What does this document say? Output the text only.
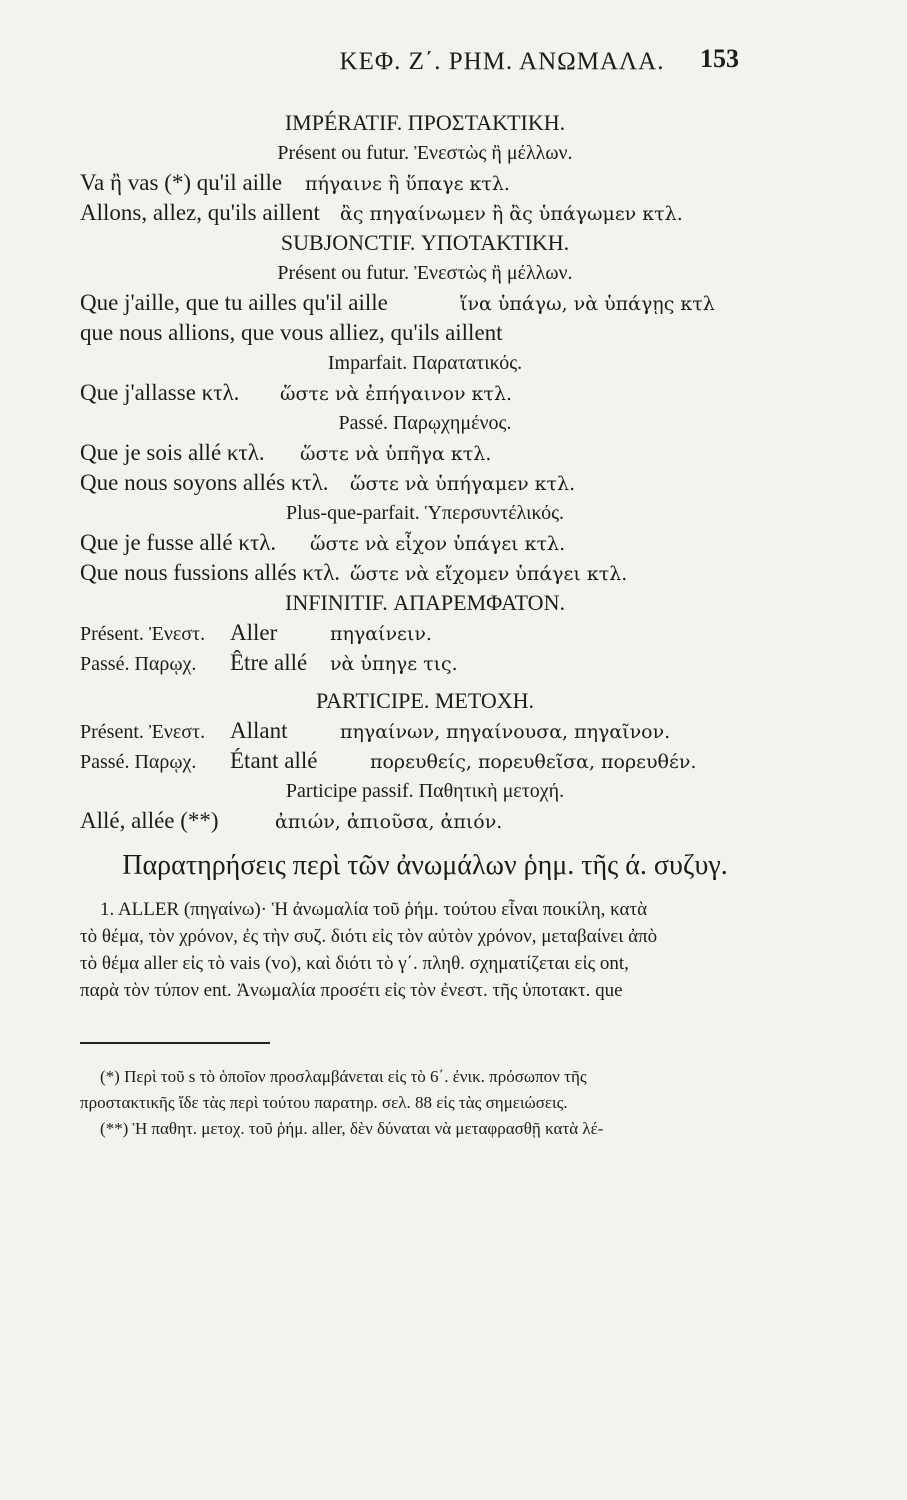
ΚΕΦ. Ζ΄. ΡΗΜ. ΑΝΩΜΑΛΑ.	153
IMPÉRATIF. ΠΡΟΣΤΑΚΤΙΚΗ.
Présent ou futur. Ἐνεστὼς ἢ μέλλων.
Va ἢ vas (*) qu'il aille πήγαινε ἢ ὕπαγε κτλ.
Allons, allez, qu'ils aillent ἂς πηγαίνωμεν ἢ ἂς ὑπάγωμεν κτλ.
SUBJONCTIF. ΥΠΟΤΑΚΤΙΚΗ.
Présent ou futur. Ἐνεστὼς ἢ μέλλων.
Que j'aille, que tu ailles qu'il aille	ἵνα ὑπάγω, νὰ ὑπάγῃς κτλ
que nous allions, que vous alliez, qu'ils aillent
Imparfait. Παρατατικός.
Que j'allasse κτλ. ὥστε νὰ ἐπήγαινον κτλ.
Passé. Παρῳχημένος.
Que je sois allé κτλ. ὥστε νὰ ὑπῆγα κτλ.
Que nous soyons allés κτλ. ὥστε νὰ ὑπήγαμεν κτλ.
Plus-que-parfait. Ὑπερσυντέλικός.
Que je fusse allé κτλ. ὥστε νὰ εἶχον ὑπάγει κτλ.
Que nous fussions allés κτλ. ὥστε νὰ εἴχομεν ὑπάγει κτλ.
INFINITIF. ΑΠΑΡΕΜΦΑΤΟΝ.
Présent. Ἐνεστ. Aller	πηγαίνειν.
Passé. Παρῳχ. Être allé νὰ ὑπηγε τις.
PARTICIPE. ΜΕΤΟΧΗ.
Présent. Ἐνεστ. Allant	πηγαίνων, πηγαίνουσα, πηγαῖνον.
Passé. Παρῳχ. Étant allé	πορευθείς, πορευθεῖσα, πορευθέν.
Participe passif. Παθητικὴ μετοχή.
Allé, allée (**)	ἀπιών, ἀπιοῦσα, ἀπιόν.
Παρατηρήσεις περὶ τῶν ἀνωμάλων ῥημ. τῆς ά. συζυγ.
1. ALLER (πηγαίνω)· Ἡ ἀνωμαλία τοῦ ῥήμ. τούτου εἶναι ποικίλη, κατὰ
τὸ θέμα, τὸν χρόνον, ἐς τὴν συζ. διότι εἰς τὸν αὐτὸν χρόνον, μεταβαίνει ἀπὸ
τὸ θέμα aller εἰς τὸ vais (vo), καὶ διότι τὸ γ΄. πληθ. σχηματίζεται εἰς ont,
παρὰ τὸν τύπον ent. Ἀνωμαλία προσέτι εἰς τὸν ἐνεστ. τῆς ὑποτακτ. que
(*) Περὶ τοῦ s τὸ ὁποῖον προσλαμβάνεται εἰς τὸ 6΄. ἐνικ. πρόσωπον τῆς
προστακτικῆς ἴδε τὰς περὶ τούτου παρατηρ. σελ. 88 εἰς τὰς σημειώσεις.
(**) Ἡ παθητ. μετοχ. τοῦ ῥήμ. aller, δὲν δύναται νὰ μεταφρασθῇ κατὰ λέ-
